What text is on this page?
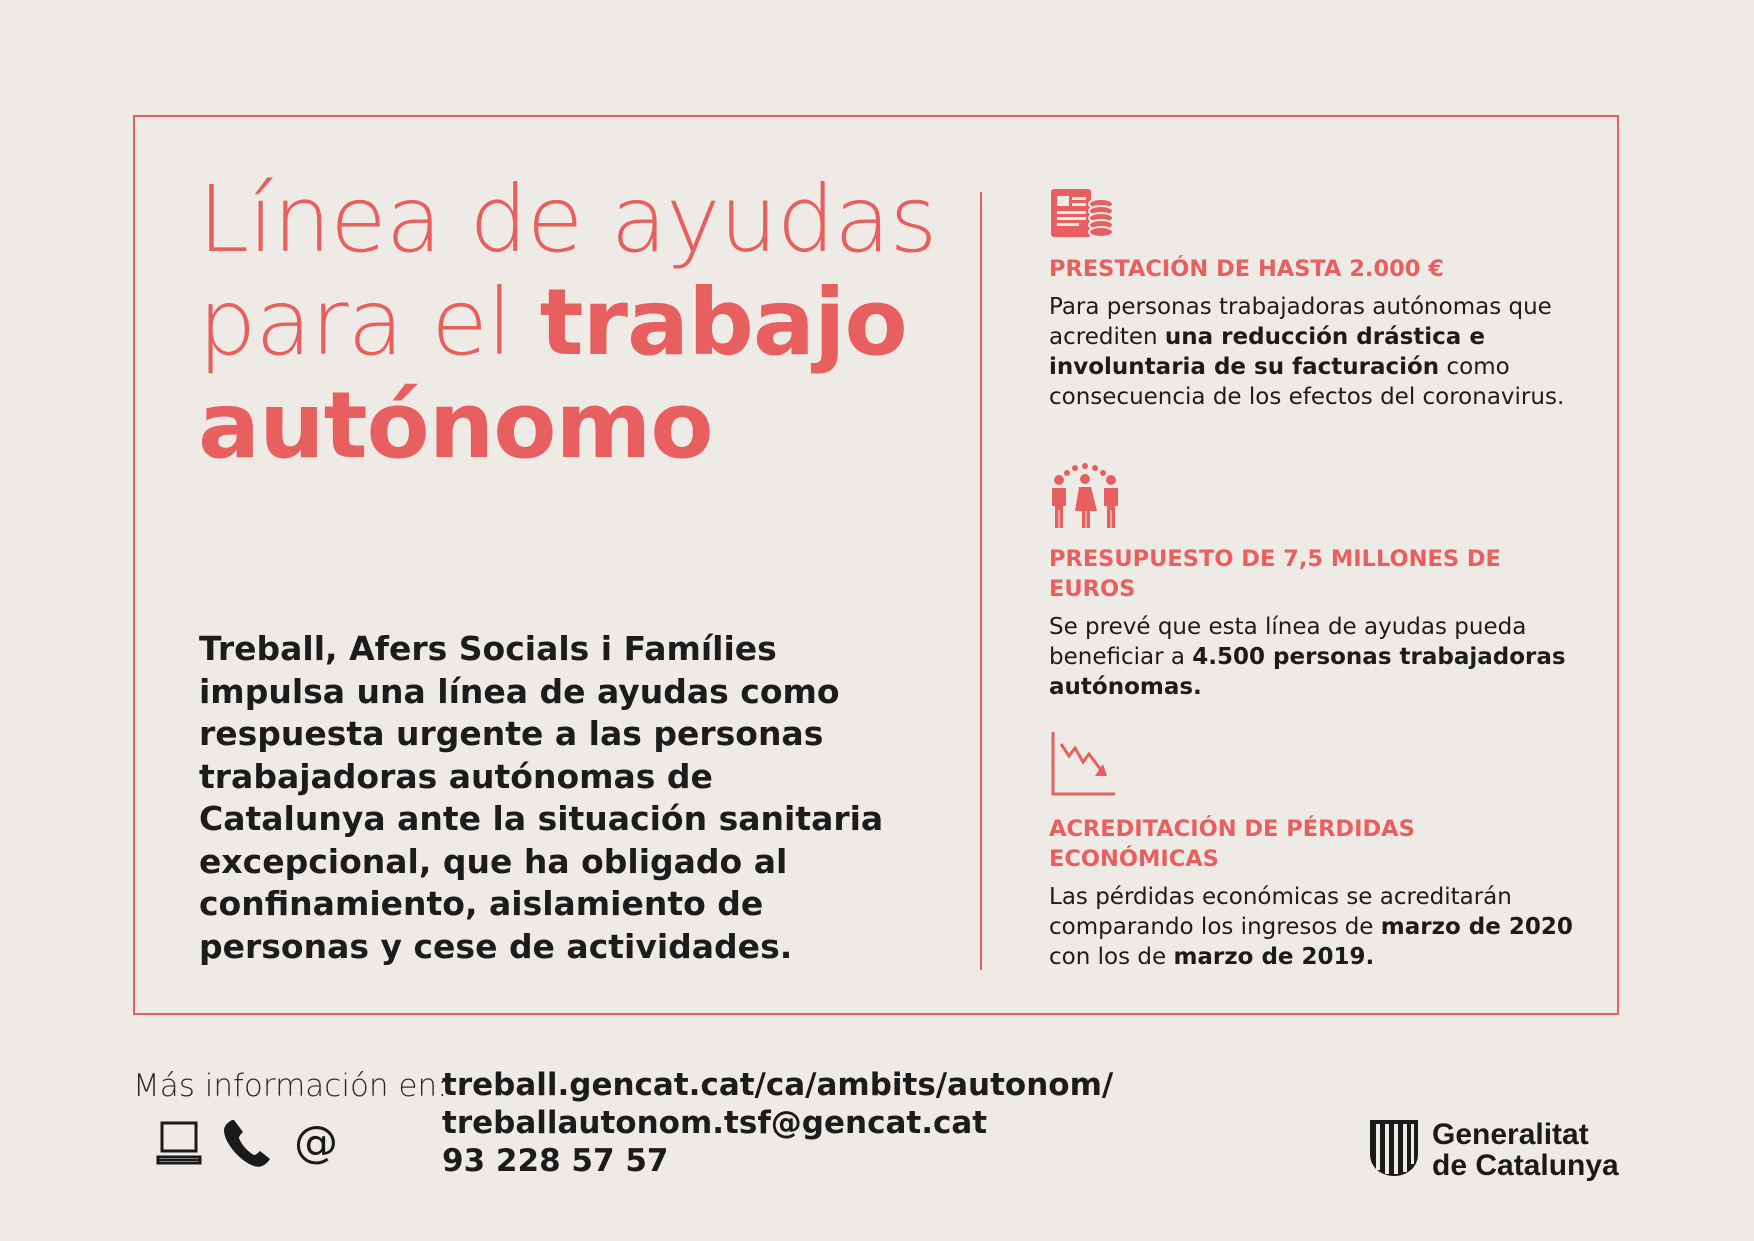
Línea de ayudas
para el trabajo
autónomo
Treball, Afers Socials i Famílies
impulsa una línea de ayudas como
respuesta urgente a las personas
trabajadoras autónomas de
Catalunya ante la situación sanitaria
excepcional, que ha obligado al
confinamiento, aislamiento de
personas y cese de actividades.
PRESTACIÓN DE HASTA 2.000 €

Para personas trabajadoras autónomas que acrediten una reducción drástica e involuntaria de su facturación como consecuencia de los efectos del coronavirus.

PRESUPUESTO DE 7,5 MILLONES DE EUROS

Se prevé que esta línea de ayudas pueda beneficiar a 4.500 personas trabajadoras autónomas.

ACREDITACIÓN DE PÉRDIDAS
ECONÓMICAS

Las pérdidas económicas se acreditarán comparando los ingresos de marzo de 2020 con los de marzo de 2019.

Más información en:
treball.gencat.cat/ca/ambits/autonom/
treballautonom.tsf@gencat.cat
93 228 57 57
@	Generalitat
de Catalunya
